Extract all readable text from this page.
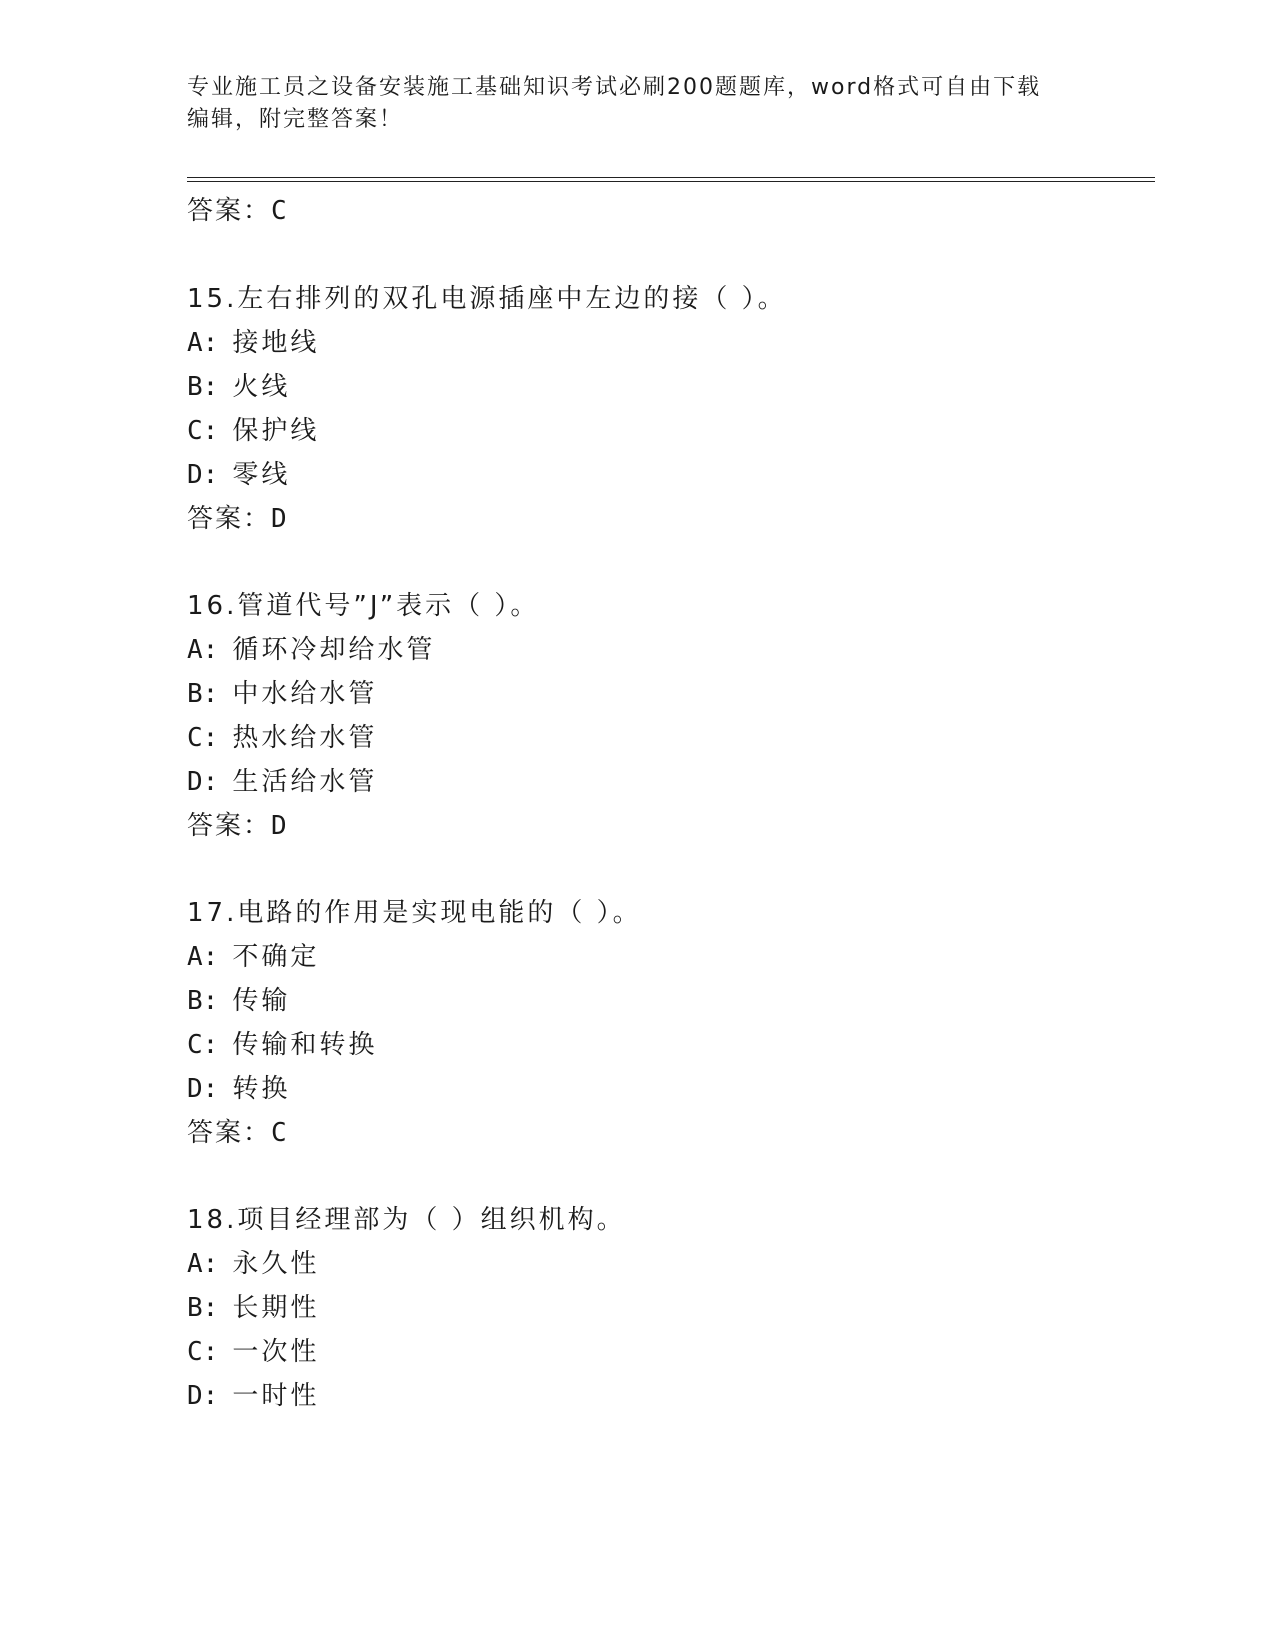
专业施工员之设备安装施工基础知识考试必刷200题题库，word格式可自由下载
编辑，附完整答案！
答案：C
15.左右排列的双孔电源插座中左边的接（ ）。
A: 接地线
B: 火线
C: 保护线
D: 零线
答案：D
16.管道代号”J”表示（ ）。
A: 循环冷却给水管
B: 中水给水管
C: 热水给水管
D: 生活给水管
答案：D
17.电路的作用是实现电能的（ ）。
A: 不确定
B: 传输
C: 传输和转换
D: 转换
答案：C
18.项目经理部为（ ）组织机构。
A: 永久性
B: 长期性
C: 一次性
D: 一时性
